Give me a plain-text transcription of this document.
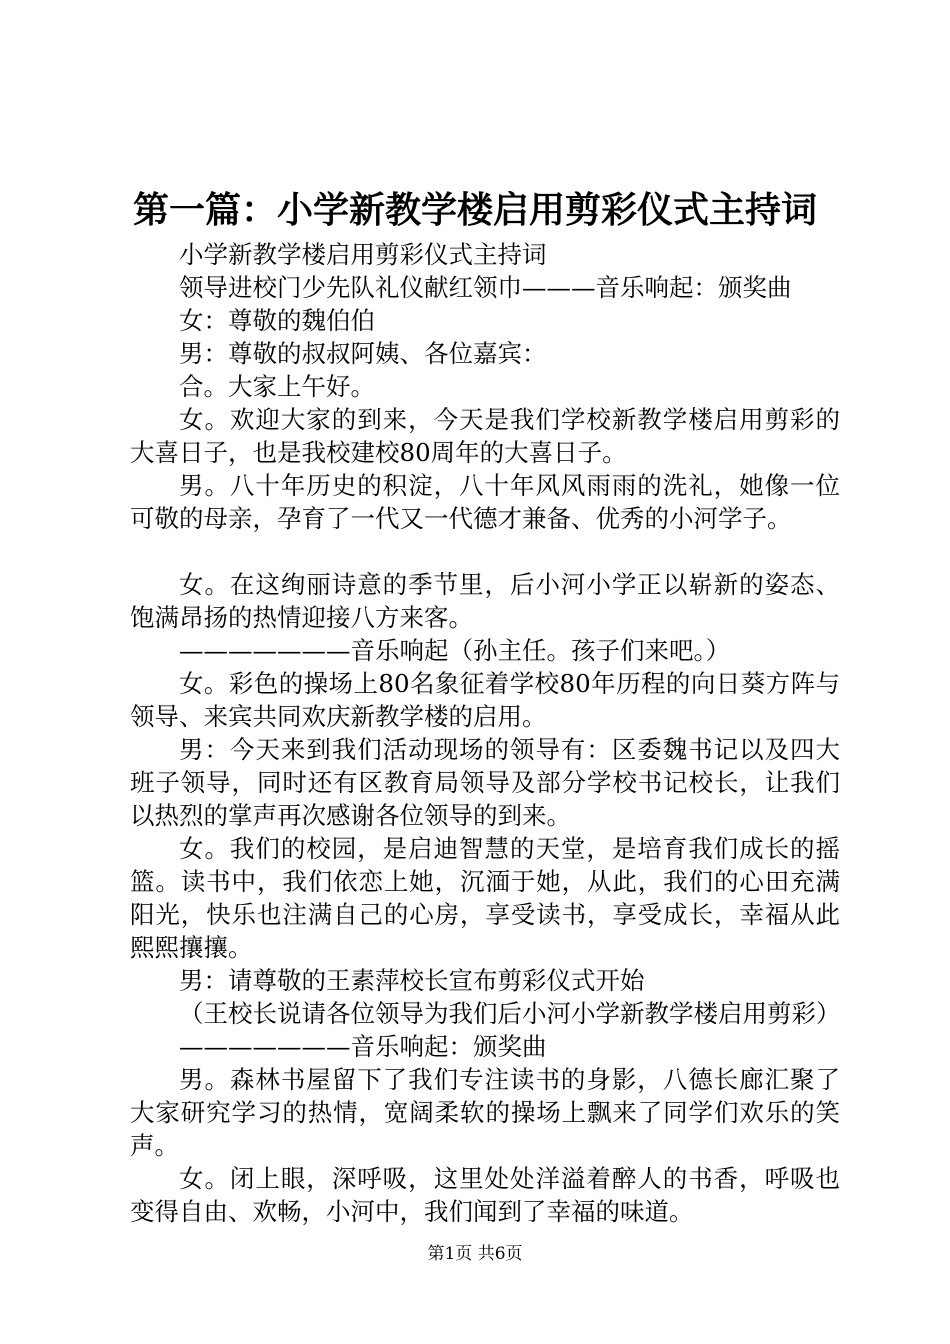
第一篇：小学新教学楼启用剪彩仪式主持词

小学新教学楼启用剪彩仪式主持词

领导进校门少先队礼仪献红领巾———音乐响起：颁奖曲

女：尊敬的魏伯伯

男：尊敬的叔叔阿姨、各位嘉宾：

合。大家上午好。

女。欢迎大家的到来，今天是我们学校新教学楼启用剪彩的大喜日子，也是我校建校80周年的大喜日子。

男。八十年历史的积淀，八十年风风雨雨的洗礼，她像一位可敬的母亲，孕育了一代又一代德才兼备、优秀的小河学子。

女。在这绚丽诗意的季节里，后小河小学正以崭新的姿态、饱满昂扬的热情迎接八方来客。

———————音乐响起（孙主任。孩子们来吧。）

女。彩色的操场上80名象征着学校80年历程的向日葵方阵与领导、来宾共同欢庆新教学楼的启用。

男：今天来到我们活动现场的领导有：区委魏书记以及四大班子领导，同时还有区教育局领导及部分学校书记校长，让我们以热烈的掌声再次感谢各位领导的到来。

女。我们的校园，是启迪智慧的天堂，是培育我们成长的摇篮。读书中，我们依恋上她，沉湎于她，从此，我们的心田充满阳光，快乐也注满自己的心房，享受读书，享受成长，幸福从此熙熙攘攘。

男：请尊敬的王素萍校长宣布剪彩仪式开始

（王校长说请各位领导为我们后小河小学新教学楼启用剪彩）

———————音乐响起：颁奖曲

男。森林书屋留下了我们专注读书的身影，八德长廊汇聚了大家研究学习的热情，宽阔柔软的操场上飘来了同学们欢乐的笑声。

女。闭上眼，深呼吸，这里处处洋溢着醉人的书香，呼吸也变得自由、欢畅，小河中，我们闻到了幸福的味道。

第1页 共6页
